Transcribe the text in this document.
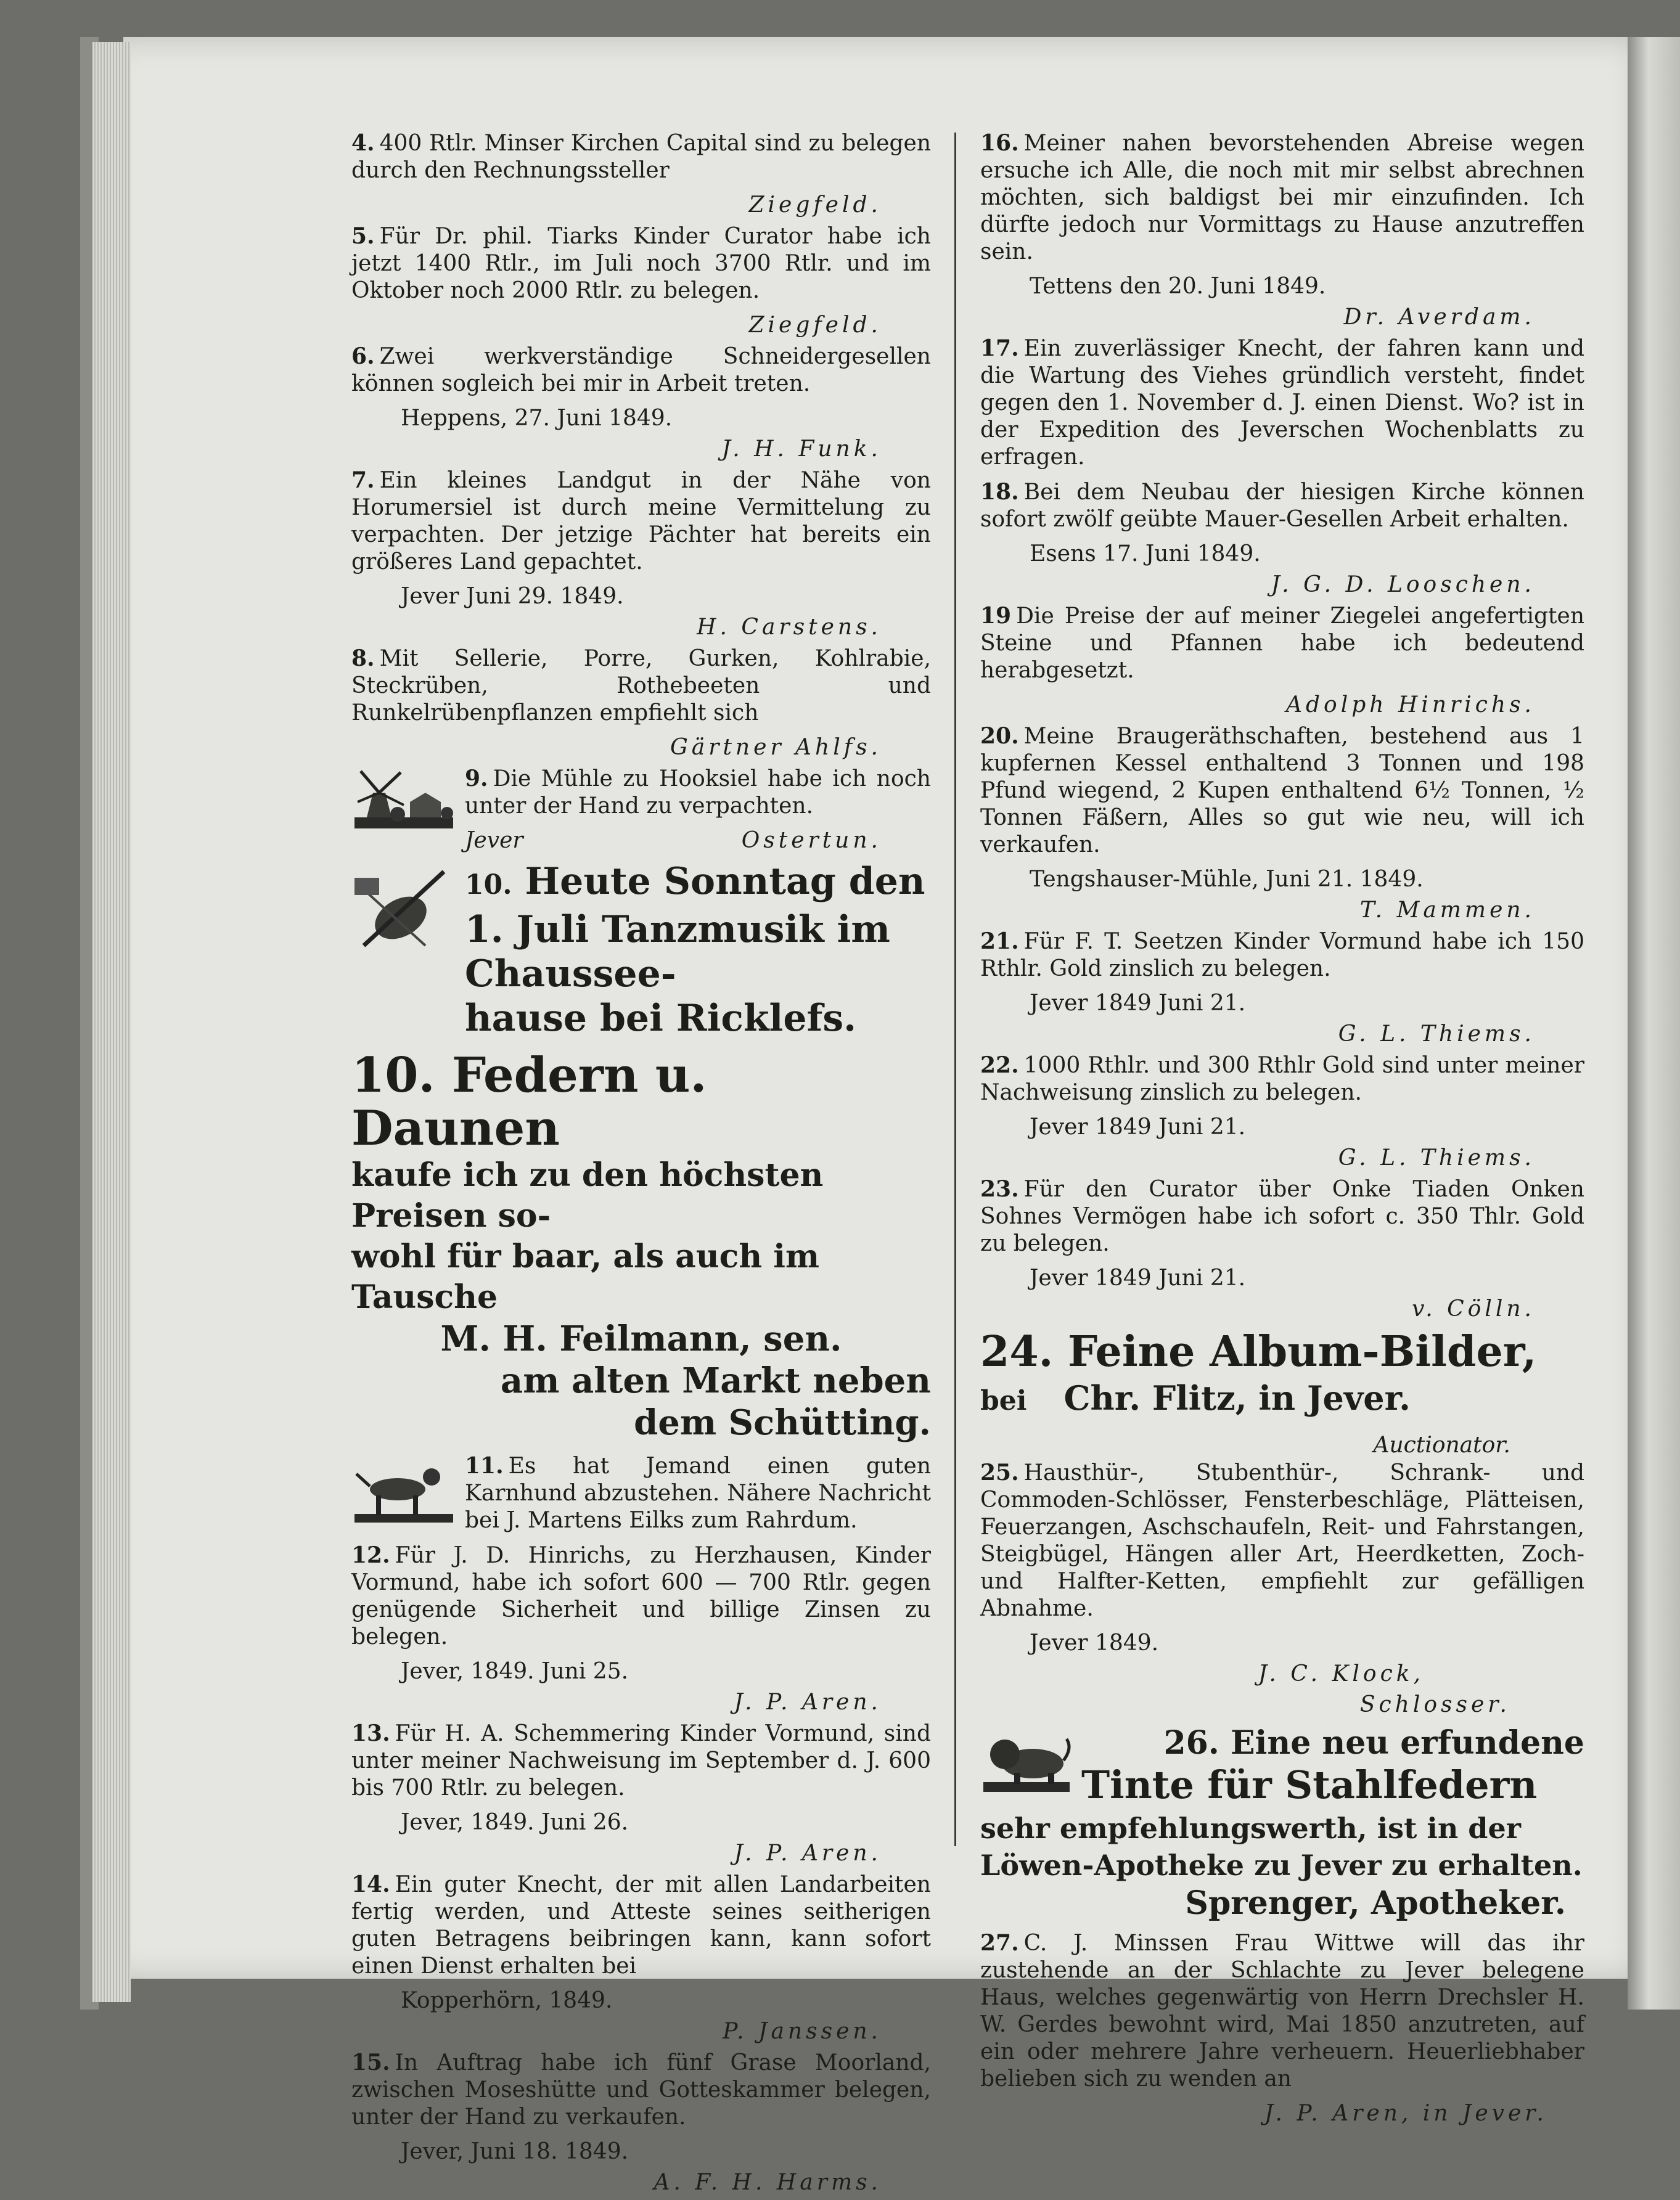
4. 400 Rtlr. Minser Kirchen Capital sind zu belegen durch den Rechnungssteller
Ziegfeld.
5. Für Dr. phil. Tiarks Kinder Curator habe ich jetzt 1400 Rtlr., im Juli noch 3700 Rtlr. und im Oktober noch 2000 Rtlr. zu belegen.
Ziegfeld.
6. Zwei werkverständige Schneidergesellen können sogleich bei mir in Arbeit treten.
Heppens, 27. Juni 1849.
J. H. Funk.
7. Ein kleines Landgut in der Nähe von Horumersiel ist durch meine Vermittelung zu verpachten. Der jetzige Pächter hat bereits ein größeres Land gepachtet.
Jever Juni 29. 1849.
H. Carstens.
8. Mit Sellerie, Porre, Gurken, Kohlrabie, Steckrüben, Rothebeeten und Runkelrübenpflanzen empfiehlt sich
Gärtner Ahlfs.
9. Die Mühle zu Hooksiel habe ich noch unter der Hand zu verpachten.
Jever	Ostertun.
10. Heute Sonntag den
1. Juli Tanzmusik im Chaussee-
hause bei Ricklefs.
10. Federn u. Daunen
kaufe ich zu den höchsten Preisen so-
wohl für baar, als auch im Tausche
M. H. Feilmann, sen.
am alten Markt neben
dem Schütting.
11. Es hat Jemand einen guten Karnhund abzustehen. Nähere Nachricht bei J. Martens Eilks zum Rahrdum.
12. Für J. D. Hinrichs, zu Herzhausen, Kinder Vormund, habe ich sofort 600 — 700 Rtlr. gegen genügende Sicherheit und billige Zinsen zu belegen.
Jever, 1849. Juni 25.
J. P. Aren.
13. Für H. A. Schemmering Kinder Vormund, sind unter meiner Nachweisung im September d. J. 600 bis 700 Rtlr. zu belegen.
Jever, 1849. Juni 26.
J. P. Aren.
14. Ein guter Knecht, der mit allen Landarbeiten fertig werden, und Atteste seines seitherigen guten Betragens beibringen kann, kann sofort einen Dienst erhalten bei
Kopperhörn, 1849.
P. Janssen.
15. In Auftrag habe ich fünf Grase Moorland, zwischen Moseshütte und Gotteskammer belegen, unter der Hand zu verkaufen.
Jever, Juni 18. 1849.
A. F. H. Harms.
16. Meiner nahen bevorstehenden Abreise wegen ersuche ich Alle, die noch mit mir selbst abrechnen möchten, sich baldigst bei mir einzufinden. Ich dürfte jedoch nur Vormittags zu Hause anzutreffen sein.
Tettens den 20. Juni 1849.
Dr. Averdam.
17. Ein zuverlässiger Knecht, der fahren kann und die Wartung des Viehes gründlich versteht, findet gegen den 1. November d. J. einen Dienst. Wo? ist in der Expedition des Jeverschen Wochenblatts zu erfragen.
18. Bei dem Neubau der hiesigen Kirche können sofort zwölf geübte Mauer-Gesellen Arbeit erhalten.
Esens 17. Juni 1849.
J. G. D. Looschen.
19 Die Preise der auf meiner Ziegelei angefertigten Steine und Pfannen habe ich bedeutend herabgesetzt.
Adolph Hinrichs.
20. Meine Braugeräthschaften, bestehend aus 1 kupfernen Kessel enthaltend 3 Tonnen und 198 Pfund wiegend, 2 Kupen enthaltend 6½ Tonnen, ½ Tonnen Fäßern, Alles so gut wie neu, will ich verkaufen.
Tengshauser-Mühle, Juni 21. 1849.
T. Mammen.
21. Für F. T. Seetzen Kinder Vormund habe ich 150 Rthlr. Gold zinslich zu belegen.
Jever 1849 Juni 21.
G. L. Thiems.
22. 1000 Rthlr. und 300 Rthlr Gold sind unter meiner Nachweisung zinslich zu belegen.
Jever 1849 Juni 21.
G. L. Thiems.
23. Für den Curator über Onke Tiaden Onken Sohnes Vermögen habe ich sofort c. 350 Thlr. Gold zu belegen.
Jever 1849 Juni 21.
v. Cölln.
24. Feine Album-Bilder,
bei Chr. Flitz, in Jever.
Auctionator.
25. Hausthür-, Stubenthür-, Schrank- und Commoden-Schlösser, Fensterbeschläge, Plätteisen, Feuerzangen, Aschschaufeln, Reit- und Fahrstangen, Steigbügel, Hängen aller Art, Heerdketten, Zoch- und Halfter-Ketten, empfiehlt zur gefälligen Abnahme.
Jever 1849.
J. C. Klock,
Schlosser.
26. Eine neu erfundene
Tinte für Stahlfedern
sehr empfehlungswerth, ist in der
Löwen-Apotheke zu Jever zu erhalten.
Sprenger, Apotheker.
27. C. J. Minssen Frau Wittwe will das ihr zustehende an der Schlachte zu Jever belegene Haus, welches gegenwärtig von Herrn Drechsler H. W. Gerdes bewohnt wird, Mai 1850 anzutreten, auf ein oder mehrere Jahre verheuern. Heuerliebhaber belieben sich zu wenden an
J. P. Aren, in Jever.
